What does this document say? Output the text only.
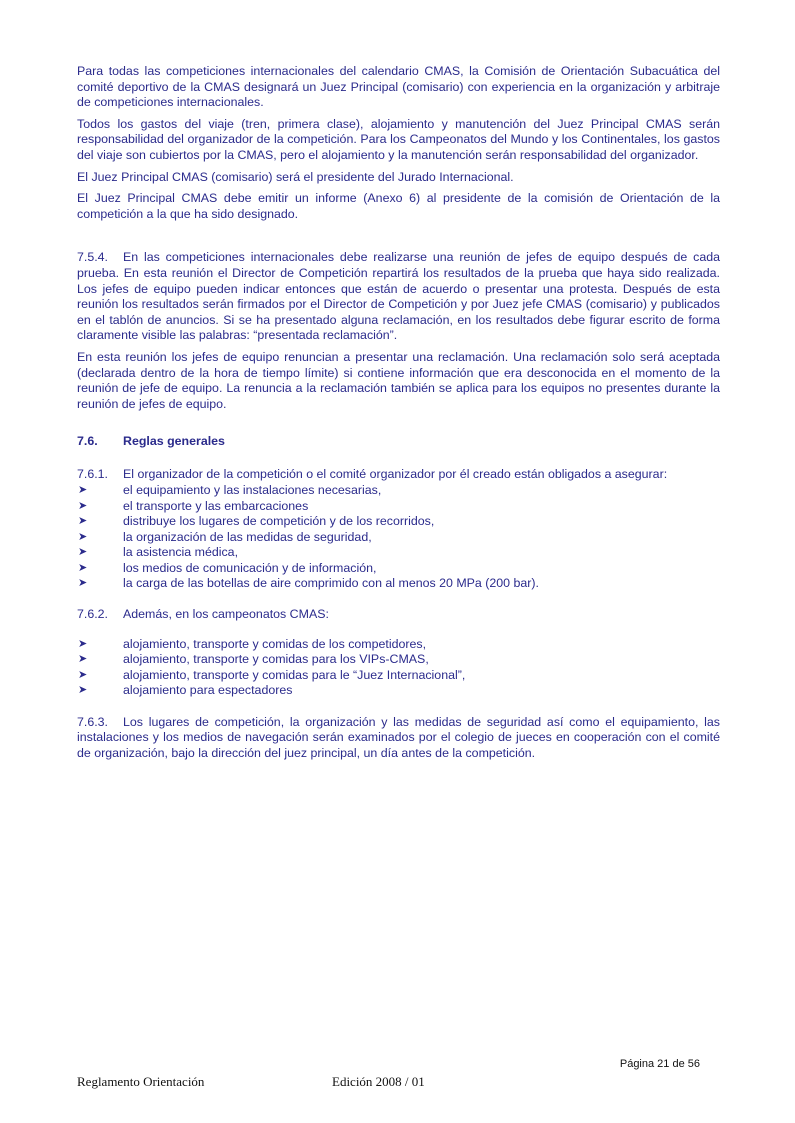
Para todas las competiciones internacionales del calendario CMAS, la Comisión de Orientación Subacuática del comité deportivo de la CMAS designará un Juez Principal (comisario) con experiencia en la organización y arbitraje de competiciones internacionales.

Todos los gastos del viaje (tren, primera clase), alojamiento y manutención del Juez Principal CMAS serán responsabilidad del organizador de la competición. Para los Campeonatos del Mundo y los Continentales, los gastos del viaje son cubiertos por la CMAS, pero el alojamiento y la manutención serán responsabilidad del organizador.

El Juez Principal CMAS (comisario) será el presidente del Jurado Internacional.

El Juez Principal CMAS debe emitir un informe (Anexo 6) al presidente de la comisión de Orientación de la competición a la que ha sido designado.

7.5.4. En las competiciones internacionales debe realizarse una reunión de jefes de equipo después de cada prueba. En esta reunión el Director de Competición repartirá los resultados de la prueba que haya sido realizada. Los jefes de equipo pueden indicar entonces que están de acuerdo o presentar una protesta. Después de esta reunión los resultados serán firmados por el Director de Competición y por Juez jefe CMAS (comisario) y publicados en el tablón de anuncios. Si se ha presentado alguna reclamación, en los resultados debe figurar escrito de forma claramente visible las palabras: “presentada reclamación”.

En esta reunión los jefes de equipo renuncian a presentar una reclamación. Una reclamación solo será aceptada (declarada dentro de la hora de tiempo límite) si contiene información que era desconocida en el momento de la reunión de jefe de equipo. La renuncia a la reclamación también se aplica para los equipos no presentes durante la reunión de jefes de equipo.

7.6. Reglas generales

7.6.1. El organizador de la competición o el comité organizador por él creado están obligados a asegurar:

➤	el equipamiento y las instalaciones necesarias,
➤	el transporte y las embarcaciones
➤	distribuye los lugares de competición y de los recorridos,
➤	la organización de las medidas de seguridad,
➤	la asistencia médica,
➤	los medios de comunicación y de información,
➤	la carga de las botellas de aire comprimido con al menos 20 MPa (200 bar).

7.6.2. Además, en los campeonatos CMAS:

➤	alojamiento, transporte y comidas de los competidores,
➤	alojamiento, transporte y comidas para los VIPs-CMAS,
➤	alojamiento, transporte y comidas para le “Juez Internacional”,
➤	alojamiento para espectadores

7.6.3. Los lugares de competición, la organización y las medidas de seguridad así como el equipamiento, las instalaciones y los medios de navegación serán examinados por el colegio de jueces en cooperación con el comité de organización, bajo la dirección del juez principal, un día antes de la competición.

Página 21 de 56
Reglamento Orientación	Edición 2008 / 01
